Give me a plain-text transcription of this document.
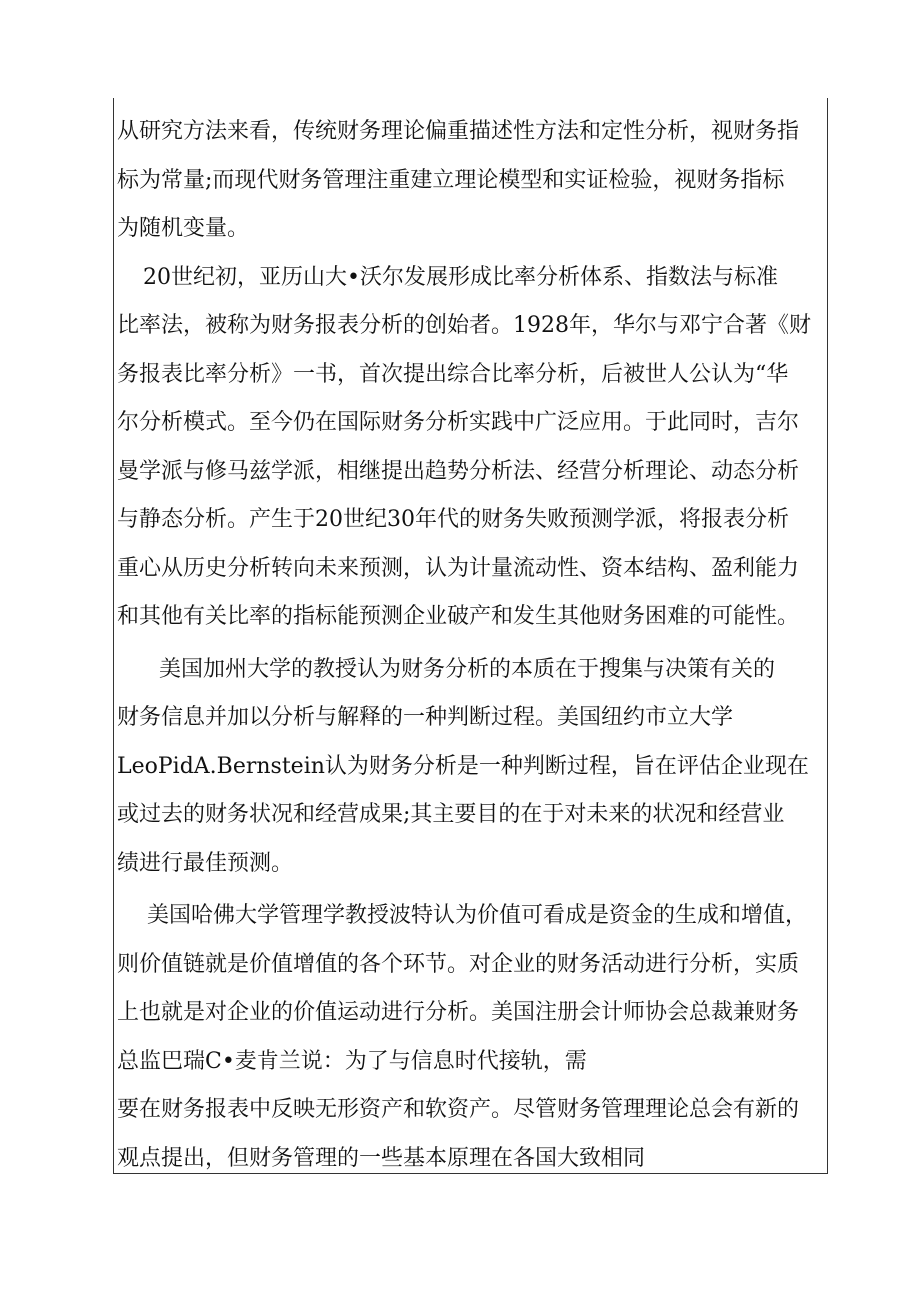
从研究方法来看，传统财务理论偏重描述性方法和定性分析，视财务指
标为常量;而现代财务管理注重建立理论模型和实证检验，视财务指标
为随机变量。
20世纪初，亚历山大•沃尔发展形成比率分析体系、指数法与标准
比率法，被称为财务报表分析的创始者。1928年，华尔与邓宁合著《财
务报表比率分析》一书，首次提出综合比率分析，后被世人公认为“华
尔分析模式。至今仍在国际财务分析实践中广泛应用。于此同时，吉尔
曼学派与修马兹学派，相继提出趋势分析法、经营分析理论、动态分析
与静态分析。产生于20世纪30年代的财务失败预测学派，将报表分析
重心从历史分析转向未来预测，认为计量流动性、资本结构、盈利能力
和其他有关比率的指标能预测企业破产和发生其他财务困难的可能性。
美国加州大学的教授认为财务分析的本质在于搜集与决策有关的
财务信息并加以分析与解释的一种判断过程。美国纽约市立大学
LeoPidA.Bernstein认为财务分析是一种判断过程，旨在评估企业现在
或过去的财务状况和经营成果;其主要目的在于对未来的状况和经营业
绩进行最佳预测。
美国哈佛大学管理学教授波特认为价值可看成是资金的生成和增值，
则价值链就是价值增值的各个环节。对企业的财务活动进行分析，实质
上也就是对企业的价值运动进行分析。美国注册会计师协会总裁兼财务
总监巴瑞C•麦肯兰说：为了与信息时代接轨，需
要在财务报表中反映无形资产和软资产。尽管财务管理理论总会有新的
观点提出，但财务管理的一些基本原理在各国大致相同
